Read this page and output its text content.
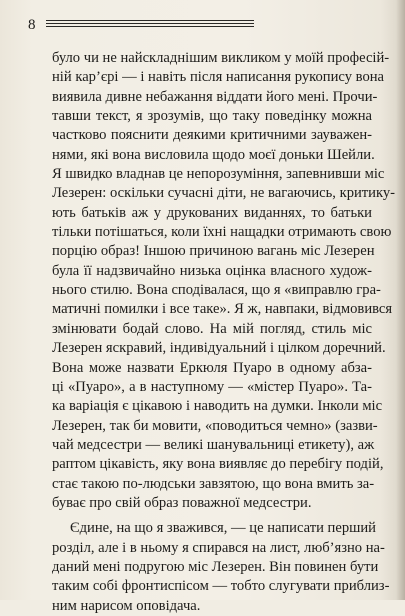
8
було чи не найскладнішим викликом у моїй професій-
ній кар’єрі — і навіть після написання рукопису вона
виявила дивне небажання віддати його мені. Прочи-
тавши текст, я зрозумів, що таку поведінку можна
частково пояснити деякими критичними зауважен-
нями, які вона висловила щодо моєї доньки Шейли.
Я швидко владнав це непорозуміння, запевнивши міс
Лезерен: оскільки сучасні діти, не вагаючись, критику-
ють батьків аж у друкованих виданнях, то батьки
тільки потішаться, коли їхні нащадки отримають свою
порцію образ! Іншою причиною вагань міс Лезерен
була її надзвичайно низька оцінка власного худож-
нього стилю. Вона сподівалася, що я «виправлю гра-
матичні помилки і все таке». Я ж, навпаки, відмовився
змінювати бодай слово. На мій погляд, стиль міс
Лезерен яскравий, індивідуальний і цілком доречний.
Вона може назвати Еркюля Пуаро в одному абза-
ці «Пуаро», а в наступному — «містер Пуаро». Та-
ка варіація є цікавою і наводить на думки. Інколи міс
Лезерен, так би мовити, «поводиться чемно» (зазви-
чай медсестри — великі шанувальниці етикету), аж
раптом цікавість, яку вона виявляє до перебігу подій,
стає такою по-людськи завзятою, що вона вмить за-
буває про свій образ поважної медсестри.
Єдине, на що я зважився, — це написати перший
розділ, але і в ньому я спирався на лист, люб’язно на-
даний мені подругою міс Лезерен. Він повинен бути
таким собі фронтиспісом — тобто слугувати приблиз-
ним нарисом оповідача.
